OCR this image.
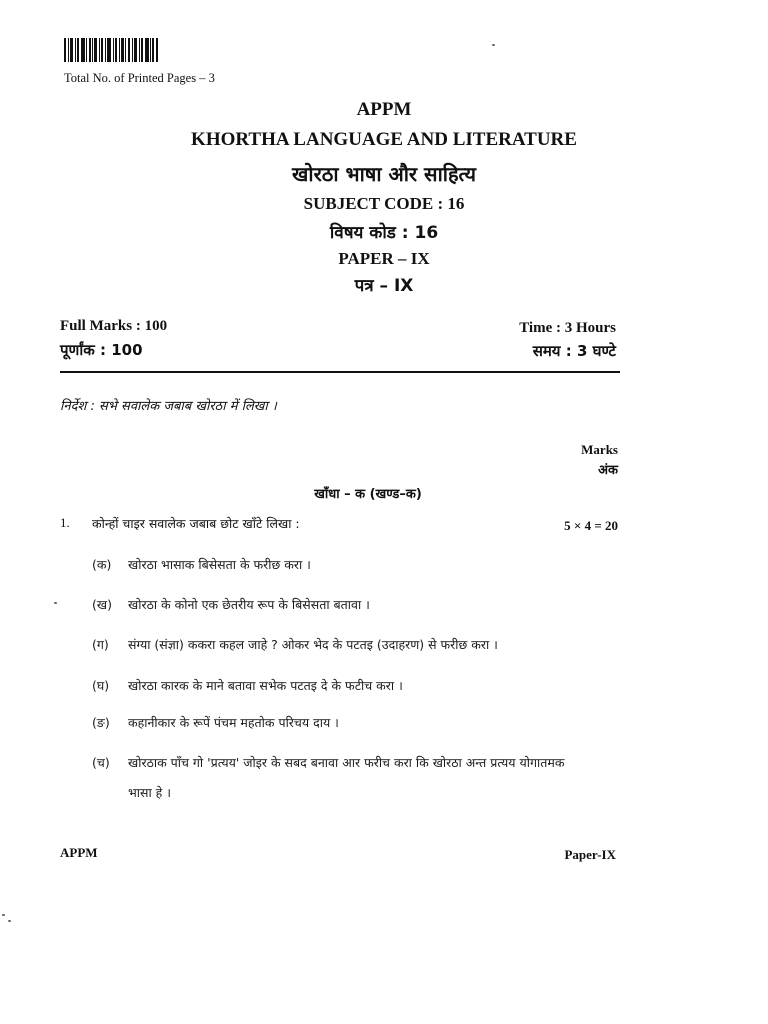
Total No. of Printed Pages – 3
APPM
KHORTHA LANGUAGE AND LITERATURE
खोरठा भाषा और साहित्य
SUBJECT CODE : 16
विषय कोड : 16
PAPER – IX
पत्र – IX
Full Marks : 100
पूर्णांक : 100
Time : 3 Hours
समय : 3 घण्टे
निर्देश : सभे सवालेक जबाब खोरठा में लिखा ।
Marks
अंक
खाँधा – क (खण्ड–क)
1. कोन्हों चाइर सवालेक जबाब छोट खाँटे लिखा :	5 × 4 = 20
(क) खोरठा भासाक बिसेसता के फरीछ करा ।
(ख) खोरठा के कोनो एक छेतरीय रूप के बिसेसता बतावा ।
(ग) संग्या (संज्ञा) ककरा कहल जाहे ? ओकर भेद के पटतइ (उदाहरण) से फरीछ करा ।
(घ) खोरठा कारक के माने बतावा सभेक पटतइ दे के फटीच करा ।
(ङ) कहानीकार के रूपें पंचम महतोक परिचय दाय ।
(च) खोरठाक पाँच गो 'प्रत्यय' जोइर के सबद बनावा आर फरीच करा कि खोरठा अन्त प्रत्यय योगातमक
भासा हे ।
APPM	Paper-IX
